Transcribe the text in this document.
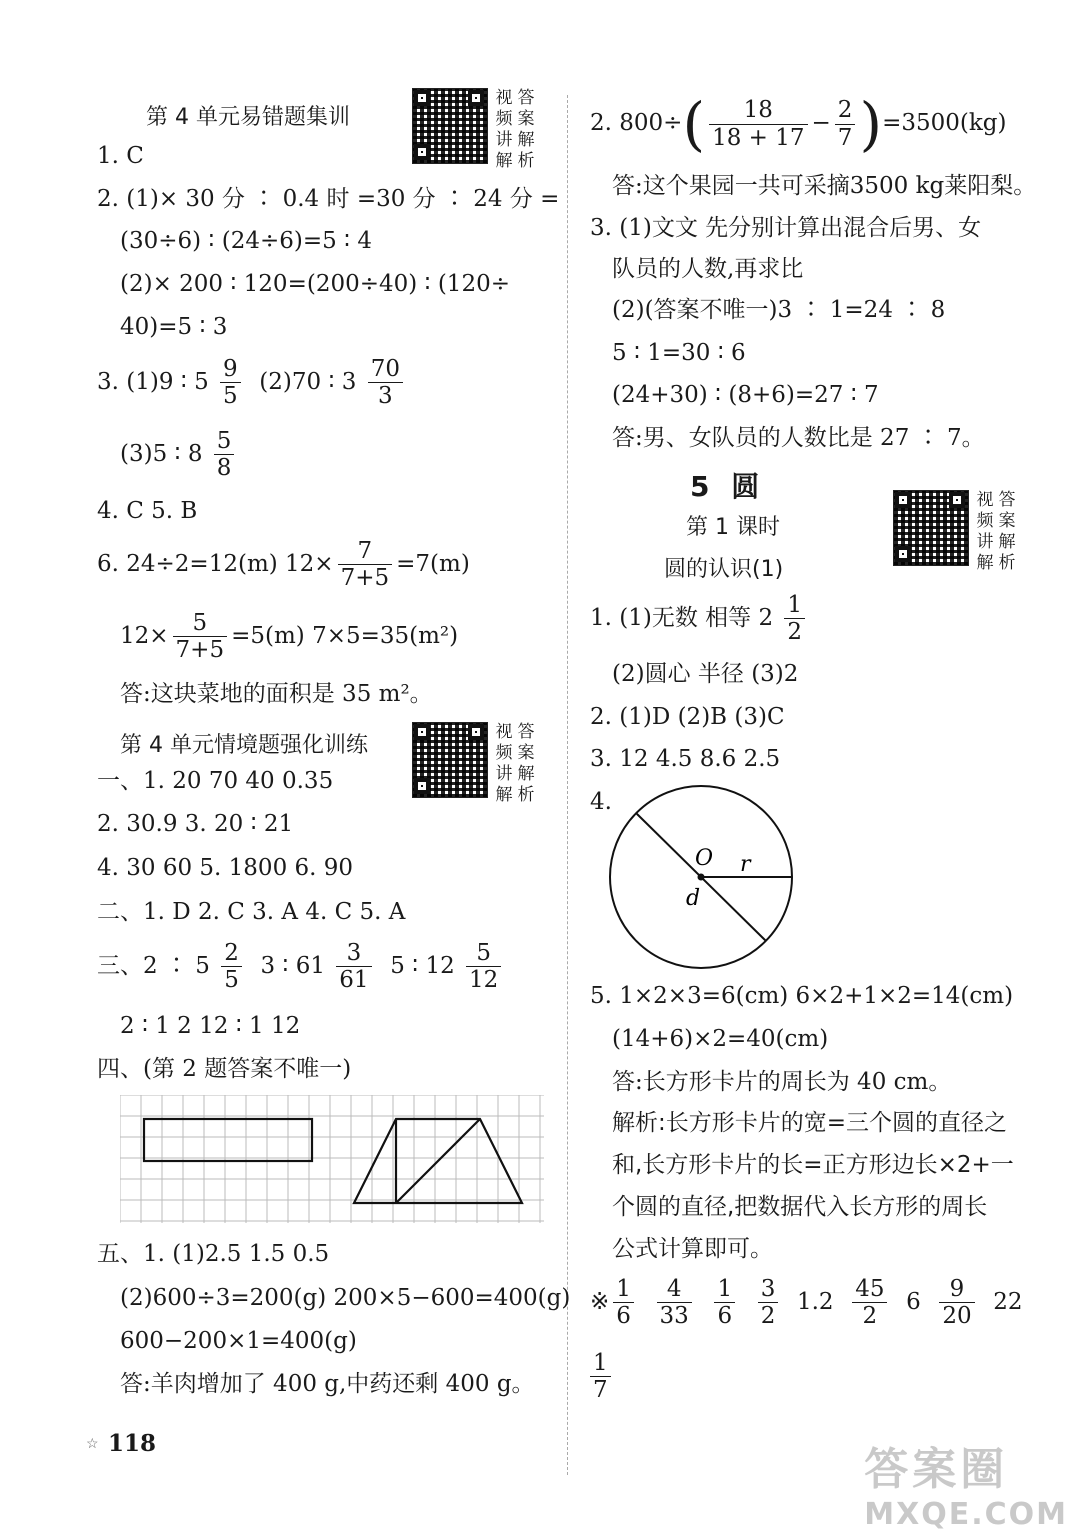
第 4 单元易错题集训
视 答
频 案
讲 解
解 析
1. C
2. (1)× 30 分 ∶ 0.4 时 =30 分 ∶ 24 分 =
(30÷6) ∶ (24÷6)=5 ∶ 4
(2)× 200 ∶ 120=(200÷40) ∶ (120÷
40)=5 ∶ 3
3. (1)9 ∶ $5 \frac{9}{5} (2)70$ ∶ $3 \frac{70}{3}$
(3)5 ∶ $8 \frac{5}{8}$
4. C 5. B
6. 24÷2=12(m) $12\times \frac{7}{7+5} =7(m)$
$12\times \frac{5}{7+5} =5(m)$ 7×5=35(m²)
答:这块菜地的面积是 35 m²。
第 4 单元情境题强化训练
视 答
频 案
讲 解
解 析
一、1. 20 70 40 0.35
2. 30.9 3. 20 ∶ 21
4. 30 60 5. 1800 6. 90
二、1. D 2. C 3. A 4. C 5. A
三、2 ∶ $5 \frac{2}{5} 3$ ∶ $61 \frac{3}{61} 5$ ∶ $12 \frac{5}{12}$
2 ∶ 1 2 12 ∶ 1 12
四、(第 2 题答案不唯一)
五、1. (1)2.5 1.5 0.5
(2)600÷3=200(g) 200×5−600=400(g)
600−200×1=400(g)
答:羊肉增加了 400 g,中药还剩 400 g。
☆ 118
2. $800\div( \frac{18}{18 + 17} - \frac{2}{7} )=3500(kg)$
答:这个果园一共可采摘3500 kg莱阳梨。
3. (1)文文 先分别计算出混合后男、女
队员的人数,再求比
(2)(答案不唯一)3 ∶ 1=24 ∶ 8
5 ∶ 1=30 ∶ 6
(24+30) ∶ (8+6)=27 ∶ 7
答:男、女队员的人数比是 27 ∶ 7。
5 圆
第 1 课时
圆的认识(1)
视 答
频 案
讲 解
解 析
1. (1)无数 相等 $2 \frac{1}{2}$
(2)圆心 半径 (3)2
2. (1)D (2)B (3)C
3. 12 4.5 8.6 2.5
4.
O r
d
5. 1×2×3=6(cm) 6×2+1×2=14(cm)
(14+6)×2=40(cm)
答:长方形卡片的周长为 40 cm。
解析:长方形卡片的宽=三个圆的直径之
和,长方形卡片的长=正方形边长×2+一
个圆的直径,把数据代入长方形的周长
公式计算即可。
※ $\frac{1}{6}$
$\frac{4}{33}$
$\frac{1}{6}$
$\frac{3}{2} 1.2 \frac{45}{2} 6 \frac{9}{20} 22$
$\frac{1}{7}$
答案圈
MXQE.COM
